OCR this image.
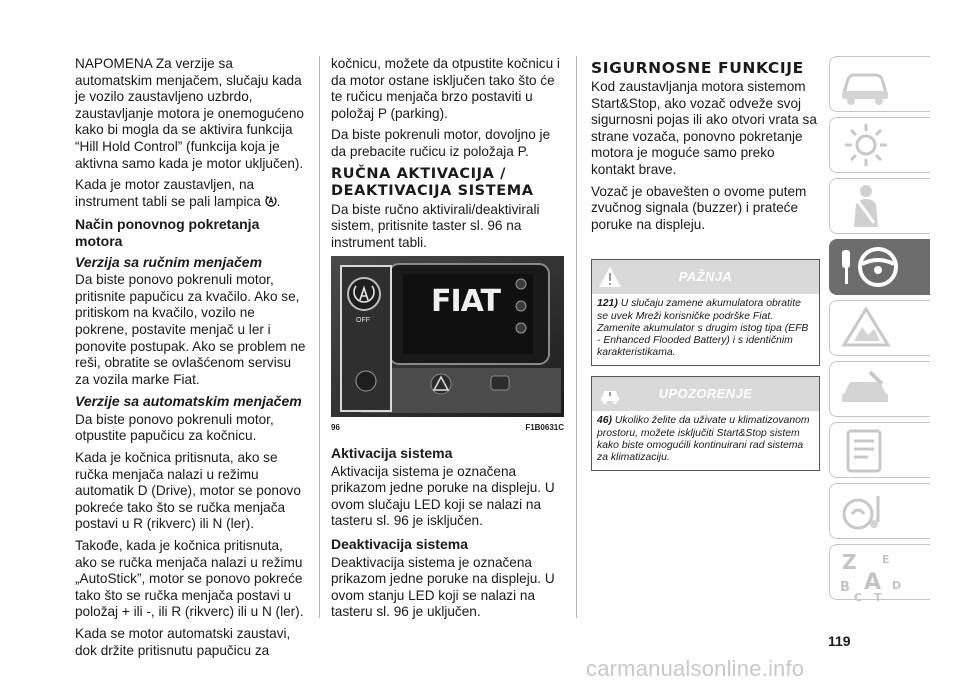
NAPOMENA Za verzije sa automatskim menjačem, slučaju kada je vozilo zaustavljeno uzbrdo, zaustavljanje motora je onemogućeno kako bi mogla da se aktivira funkcija “Hill Hold Control” (funkcija koja je aktivna samo kada je motor uključen).

Kada je motor zaustavljen, na instrument tabli se pali lampica .

Način ponovnog pokretanja motora
Verzija sa ručnim menjačem

Da biste ponovo pokrenuli motor, pritisnite papučicu za kvačilo. Ako se, pritiskom na kvačilo, vozilo ne pokrene, postavite menjač u ler i ponovite postupak. Ako se problem ne reši, obratite se ovlašćenom servisu za vozila marke Fiat.

Verzije sa automatskim menjačem

Da biste ponovo pokrenuli motor, otpustite papučicu za kočnicu.

Kada je kočnica pritisnuta, ako se ručka menjača nalazi u režimu automatik D (Drive), motor se ponovo pokreće tako što se ručka menjača postavi u R (rikverc) ili N (ler).

Takođe, kada je kočnica pritisnuta, ako se ručka menjača nalazi u režimu „AutoStick”, motor se ponovo pokreće tako što se ručka menjača postavi u položaj + ili -, ili R (rikverc) ili u N (ler).

Kada se motor automatski zaustavi, dok držite pritisnutu papučicu za

kočnicu, možete da otpustite kočnicu i da motor ostane isključen tako što će te ručicu menjača brzo postaviti u položaj P (parking).

Da biste pokrenuli motor, dovoljno je da prebacite ručicu iz položaja P.

RUČNA AKTIVACIJA / DEAKTIVACIJA SISTEMA

Da biste ručno aktivirali/deaktivirali sistem, pritisnite taster sl. 96 na instrument tabli.

FIAT
OFF
96	F1B0631C
Aktivacija sistema

Aktivacija sistema je označena prikazom jedne poruke na displeju. U ovom slučaju LED koji se nalazi na tasteru sl. 96 je isključen.

Deaktivacija sistema

Deaktivacija sistema je označena prikazom jedne poruke na displeju. U ovom stanju LED koji se nalazi na tasteru sl. 96 je uključen.

SIGURNOSNE FUNKCIJE

Kod zaustavljanja motora sistemom Start&Stop, ako vozač odveže svoj sigurnosni pojas ili ako otvori vrata sa strane vozača, ponovno pokretanje motora je moguće samo preko kontakt brave.

Vozač je obavešten o ovome putem zvučnog signala (buzzer) i prateće poruke na displeju.

PAŽNJA
121) U slučaju zamene akumulatora obratite se uvek Mreži korisničke podrške Fiat. Zamenite akumulator s drugim istog tipa (EFB - Enhanced Flooded Battery) i s identičnim karakteristikama.
UPOZORENJE
46) Ukoliko želite da uživate u klimatizovanom prostoru, možete isključiti Start&Stop sistem kako biste omogućili kontinuirani rad sistema za klimatizaciju.
Z E
B A
C T
D
119
carmanualsonline.info
